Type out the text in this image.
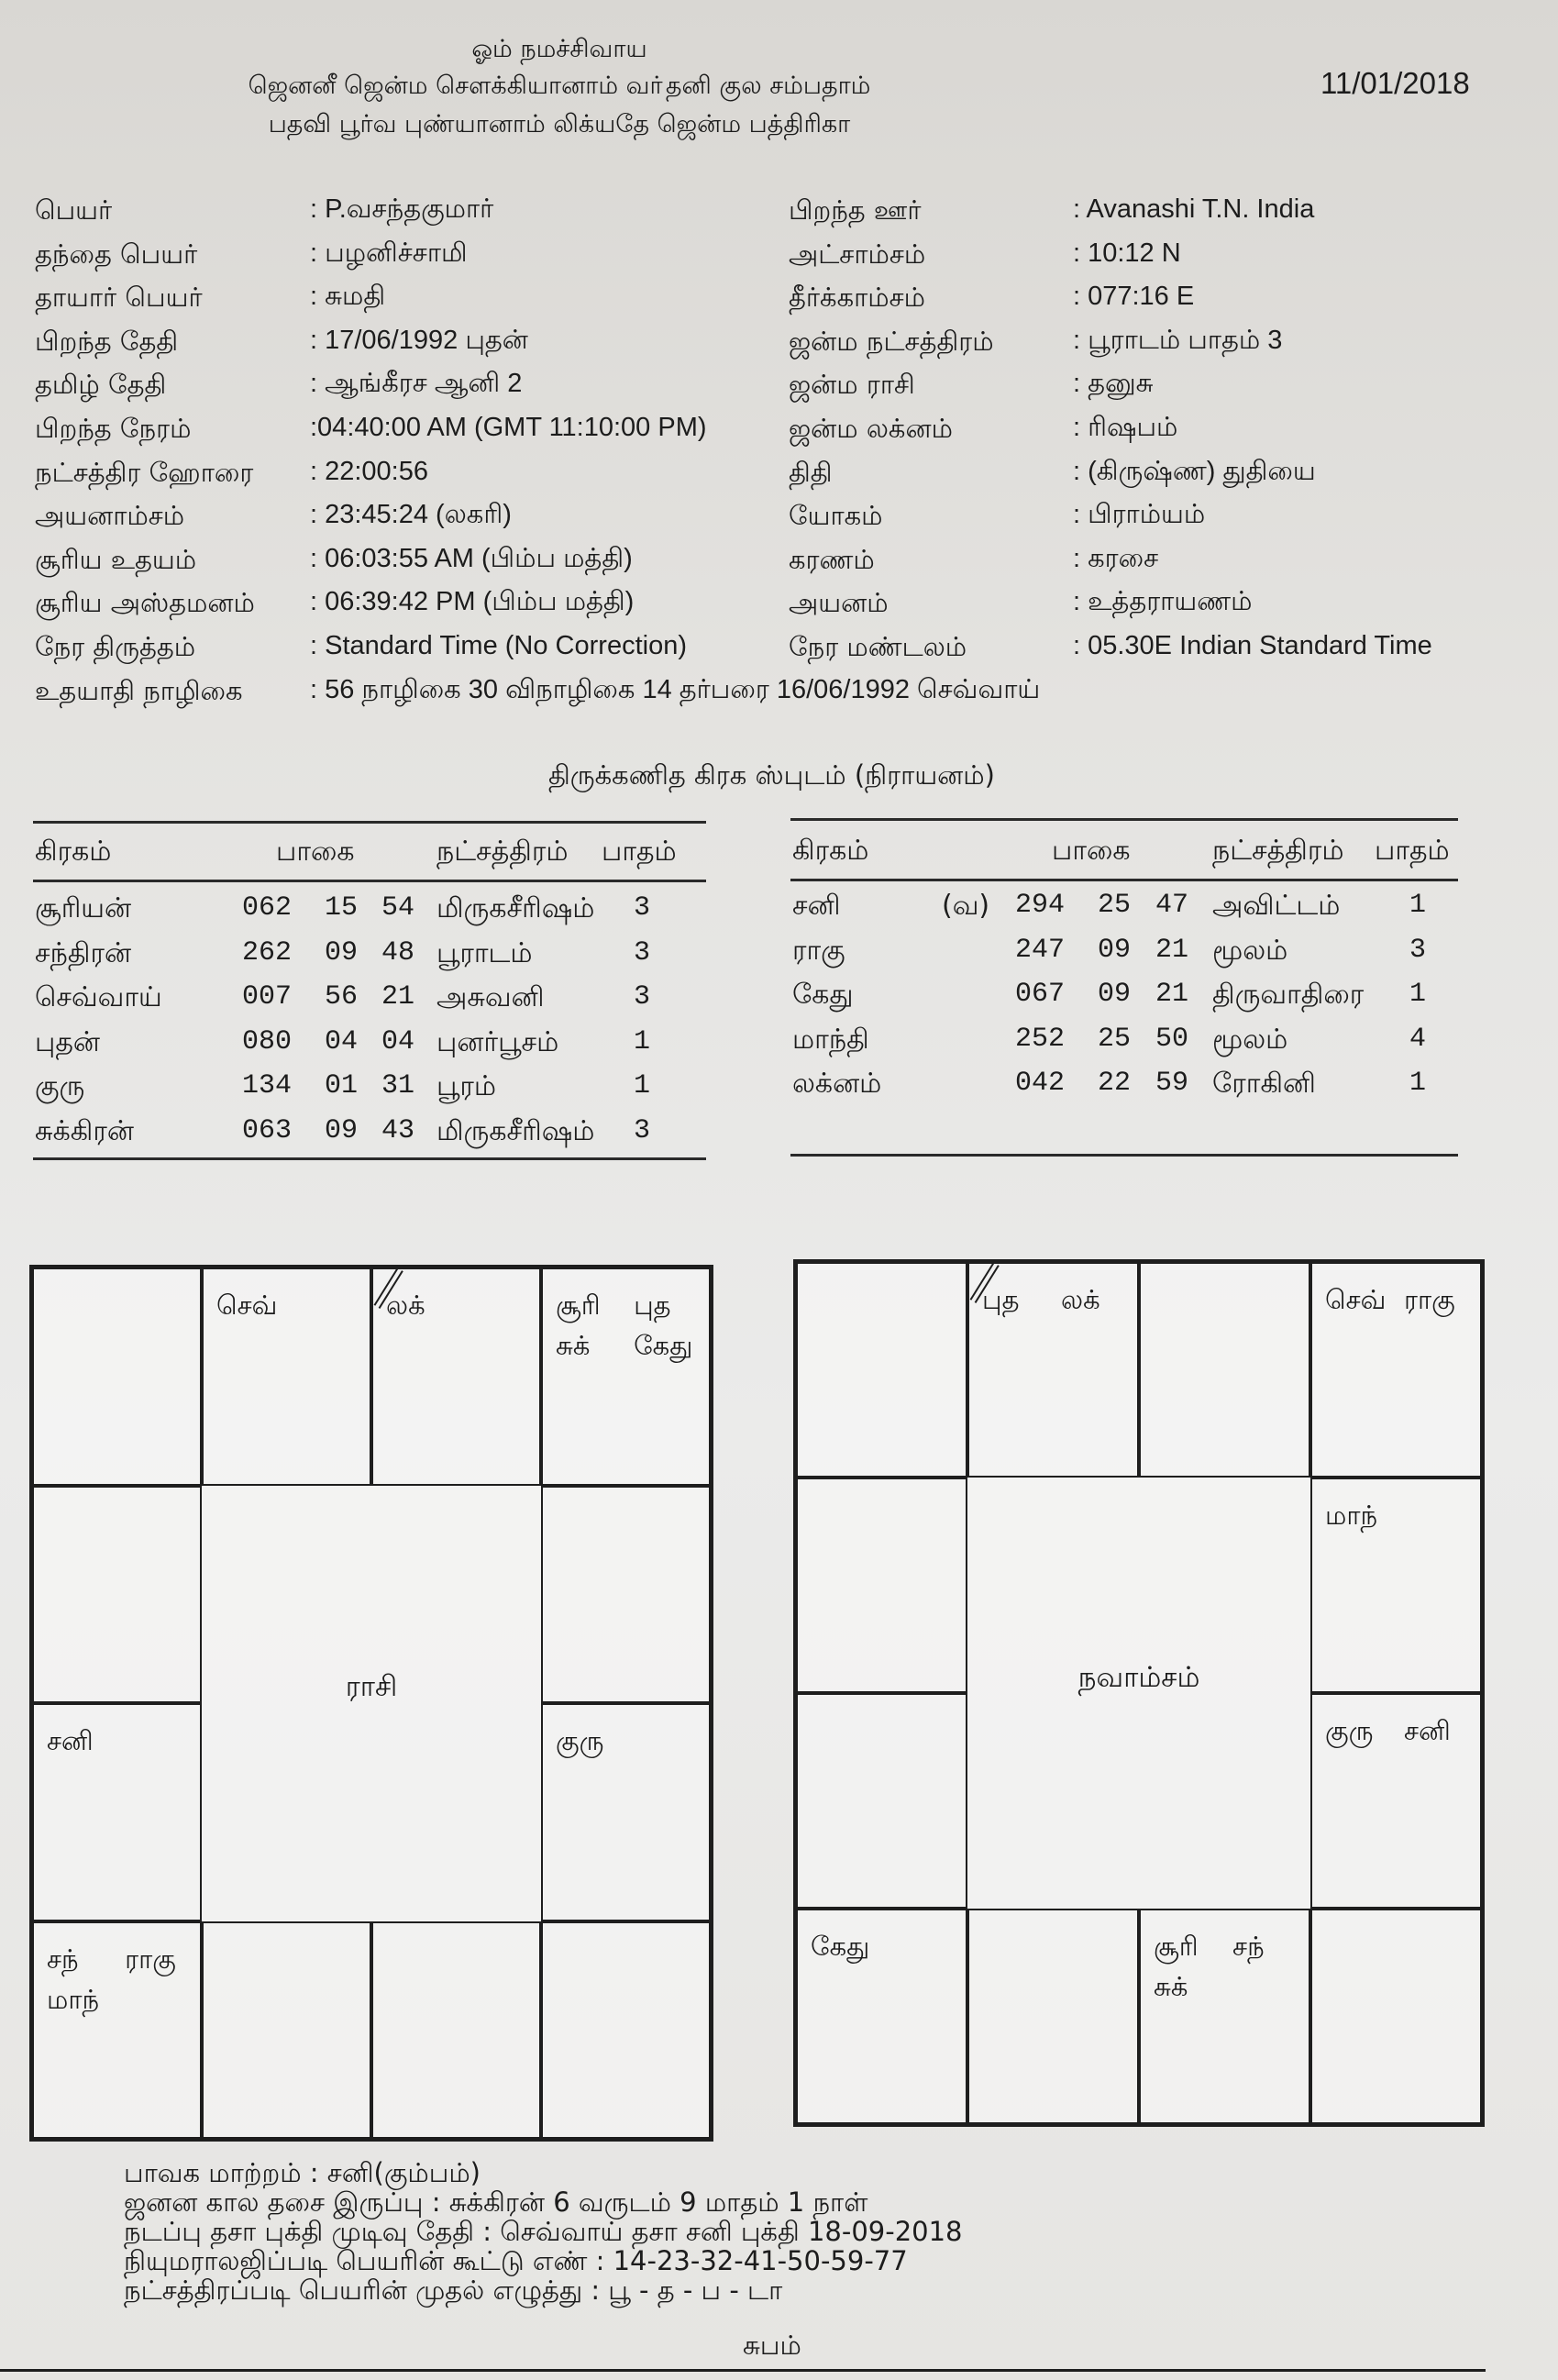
ஓம் நமச்சிவாய
ஜெனனீ ஜென்ம சௌக்கியானாம் வா்தனி குல சம்பதாம்
பதவி பூர்வ புண்யானாம் லிக்யதே ஜென்ம பத்திரிகா
11/01/2018
பெயர்	: P.வசந்தகுமார்
தந்தை பெயர்	: பழனிச்சாமி
தாயார் பெயர்	: சுமதி
பிறந்த தேதி	: 17/06/1992 புதன்
தமிழ் தேதி	: ஆங்கீரச ஆனி 2
பிறந்த நேரம்	:04:40:00 AM (GMT 11:10:00 PM)
நட்சத்திர ஹோரை : 22:00:56
அயனாம்சம்	: 23:45:24 (லகரி)
சூரிய உதயம்	: 06:03:55 AM (பிம்ப மத்தி)
சூரிய அஸ்தமனம் : 06:39:42 PM (பிம்ப மத்தி)
நேர திருத்தம்	: Standard Time (No Correction)
உதயாதி நாழிகை	: 56 நாழிகை 30 விநாழிகை 14 தர்பரை 16/06/1992 செவ்வாய்
பிறந்த ஊர்	: Avanashi T.N. India
அட்சாம்சம்	: 10:12 N
தீர்க்காம்சம்	: 077:16 E
ஜன்ம நட்சத்திரம்	: பூராடம் பாதம் 3
ஜன்ம ராசி	: தனுசு
ஜன்ம லக்னம்	: ரிஷபம்
திதி	: (கிருஷ்ண) துதியை
யோகம்	: பிராம்யம்
கரணம்	: கரசை
அயனம்	: உத்தராயணம்
நேர மண்டலம்	: 05.30E Indian Standard Time
திருக்கணித கிரக ஸ்புடம் (நிராயனம்)
கிரகம்	பாகை	நட்சத்திரம் பாதம்
சூரியன்	062 15 54 மிருகசீரிஷம் 3
சந்திரன்	262 09 48 பூராடம்	3
செவ்வாய்	007 56 21 அசுவனி	3
புதன்	080 04 04 புனர்பூசம்	1
குரு	134 01 31 பூரம்	1
சுக்கிரன்	063 09 43 மிருகசீரிஷம் 3
கிரகம்	பாகை	நட்சத்திரம் பாதம்
சனி	(வ) 294 25 47 அவிட்டம்	1
ராகு	247 09 21 மூலம்	3
கேது	067 09 21 திருவாதிரை 1
மாந்தி	252 25 50 மூலம்	4
லக்னம்	042 22 59 ரோகினி	1
செவ்	லக்	சூரி புத
சுக் கேது
சனி	குரு
சந் ராகு
மாந்
ராசி
புத லக்	செவ் ராகு
மாந்
குரு சனி
கேது	சூரி சந்
சுக்
நவாம்சம்
பாவக மாற்றம் : சனி(கும்பம்)
ஜனன கால தசை இருப்பு : சுக்கிரன் 6 வருடம் 9 மாதம் 1 நாள்
நடப்பு தசா புக்தி முடிவு தேதி : செவ்வாய் தசா சனி புக்தி 18-09-2018
நியுமராலஜிப்படி பெயரின் கூட்டு எண் : 14-23-32-41-50-59-77
நட்சத்திரப்படி பெயரின் முதல் எழுத்து : பூ - த - ப - டா
சுபம்
